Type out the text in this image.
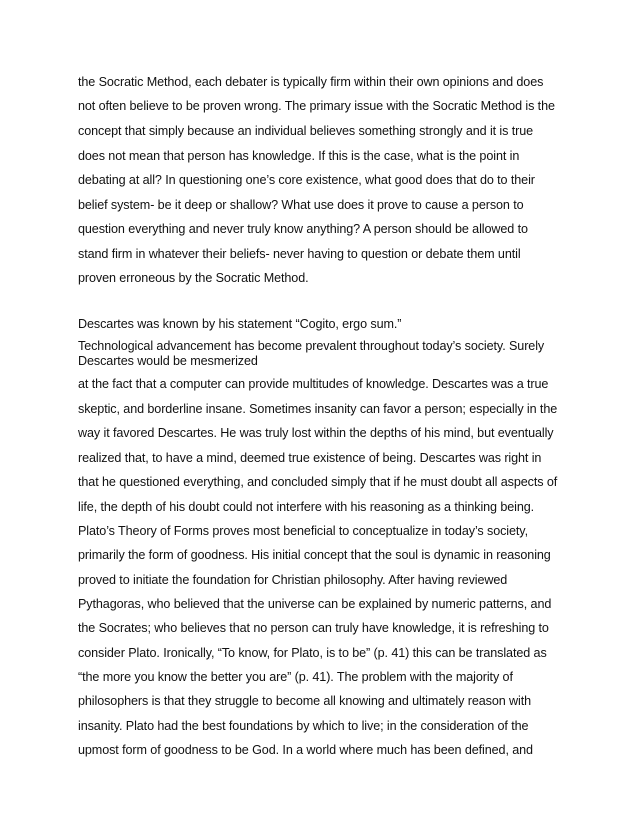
the Socratic Method, each debater is typically firm within their own opinions and does
not often believe to be proven wrong. The primary issue with the Socratic Method is the
concept that simply because an individual believes something strongly and it is true
does not mean that person has knowledge. If this is the case, what is the point in
debating at all? In questioning one’s core existence, what good does that do to their
belief system- be it deep or shallow? What use does it prove to cause a person to
question everything and never truly know anything? A person should be allowed to
stand firm in whatever their beliefs- never having to question or debate them until
proven erroneous by the Socratic Method.
Descartes was known by his statement “Cogito, ergo sum.”
Technological advancement has become prevalent throughout today’s society. Surely
Descartes would be mesmerized
at the fact that a computer can provide multitudes of knowledge. Descartes was a true
skeptic, and borderline insane. Sometimes insanity can favor a person; especially in the
way it favored Descartes. He was truly lost within the depths of his mind, but eventually
realized that, to have a mind, deemed true existence of being. Descartes was right in
that he questioned everything, and concluded simply that if he must doubt all aspects of
life, the depth of his doubt could not interfere with his reasoning as a thinking being.
Plato’s Theory of Forms proves most beneficial to conceptualize in today’s society,
primarily the form of goodness. His initial concept that the soul is dynamic in reasoning
proved to initiate the foundation for Christian philosophy. After having reviewed
Pythagoras, who believed that the universe can be explained by numeric patterns, and
the Socrates; who believes that no person can truly have knowledge, it is refreshing to
consider Plato. Ironically, “To know, for Plato, is to be” (p. 41) this can be translated as
“the more you know the better you are” (p. 41). The problem with the majority of
philosophers is that they struggle to become all knowing and ultimately reason with
insanity. Plato had the best foundations by which to live; in the consideration of the
upmost form of goodness to be God. In a world where much has been defined, and
